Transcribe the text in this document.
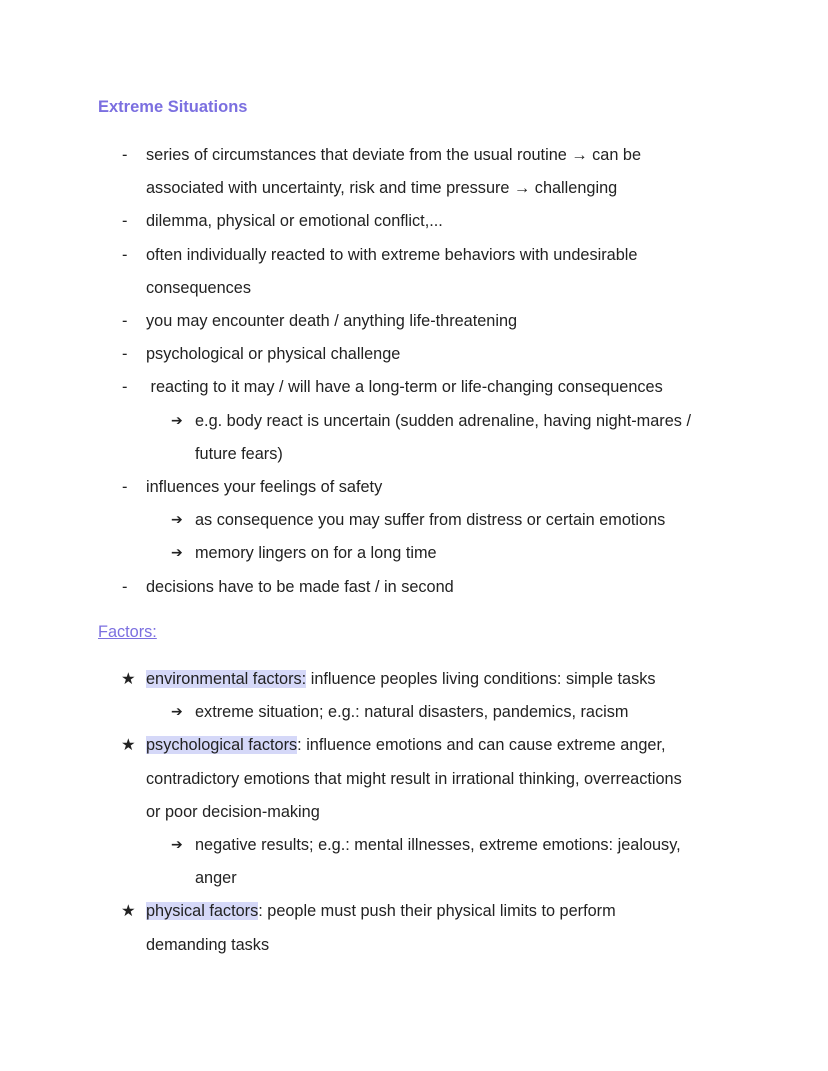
Extreme Situations
- series of circumstances that deviate from the usual routine → can be
associated with uncertainty, risk and time pressure → challenging
- dilemma, physical or emotional conflict,...
- often individually reacted to with extreme behaviors with undesirable
consequences
- you may encounter death / anything life-threatening
- psychological or physical challenge
- reacting to it may / will have a long-term or life-changing consequences
➔ e.g. body react is uncertain (sudden adrenaline, having night-mares /
future fears)
- influences your feelings of safety
➔ as consequence you may suffer from distress or certain emotions
➔ memory lingers on for a long time
- decisions have to be made fast / in second
Factors:
★ environmental factors: influence peoples living conditions: simple tasks
➔ extreme situation; e.g.: natural disasters, pandemics, racism
★ psychological factors: influence emotions and can cause extreme anger,
contradictory emotions that might result in irrational thinking, overreactions
or poor decision-making
➔ negative results; e.g.: mental illnesses, extreme emotions: jealousy,
anger
★ physical factors: people must push their physical limits to perform
demanding tasks
